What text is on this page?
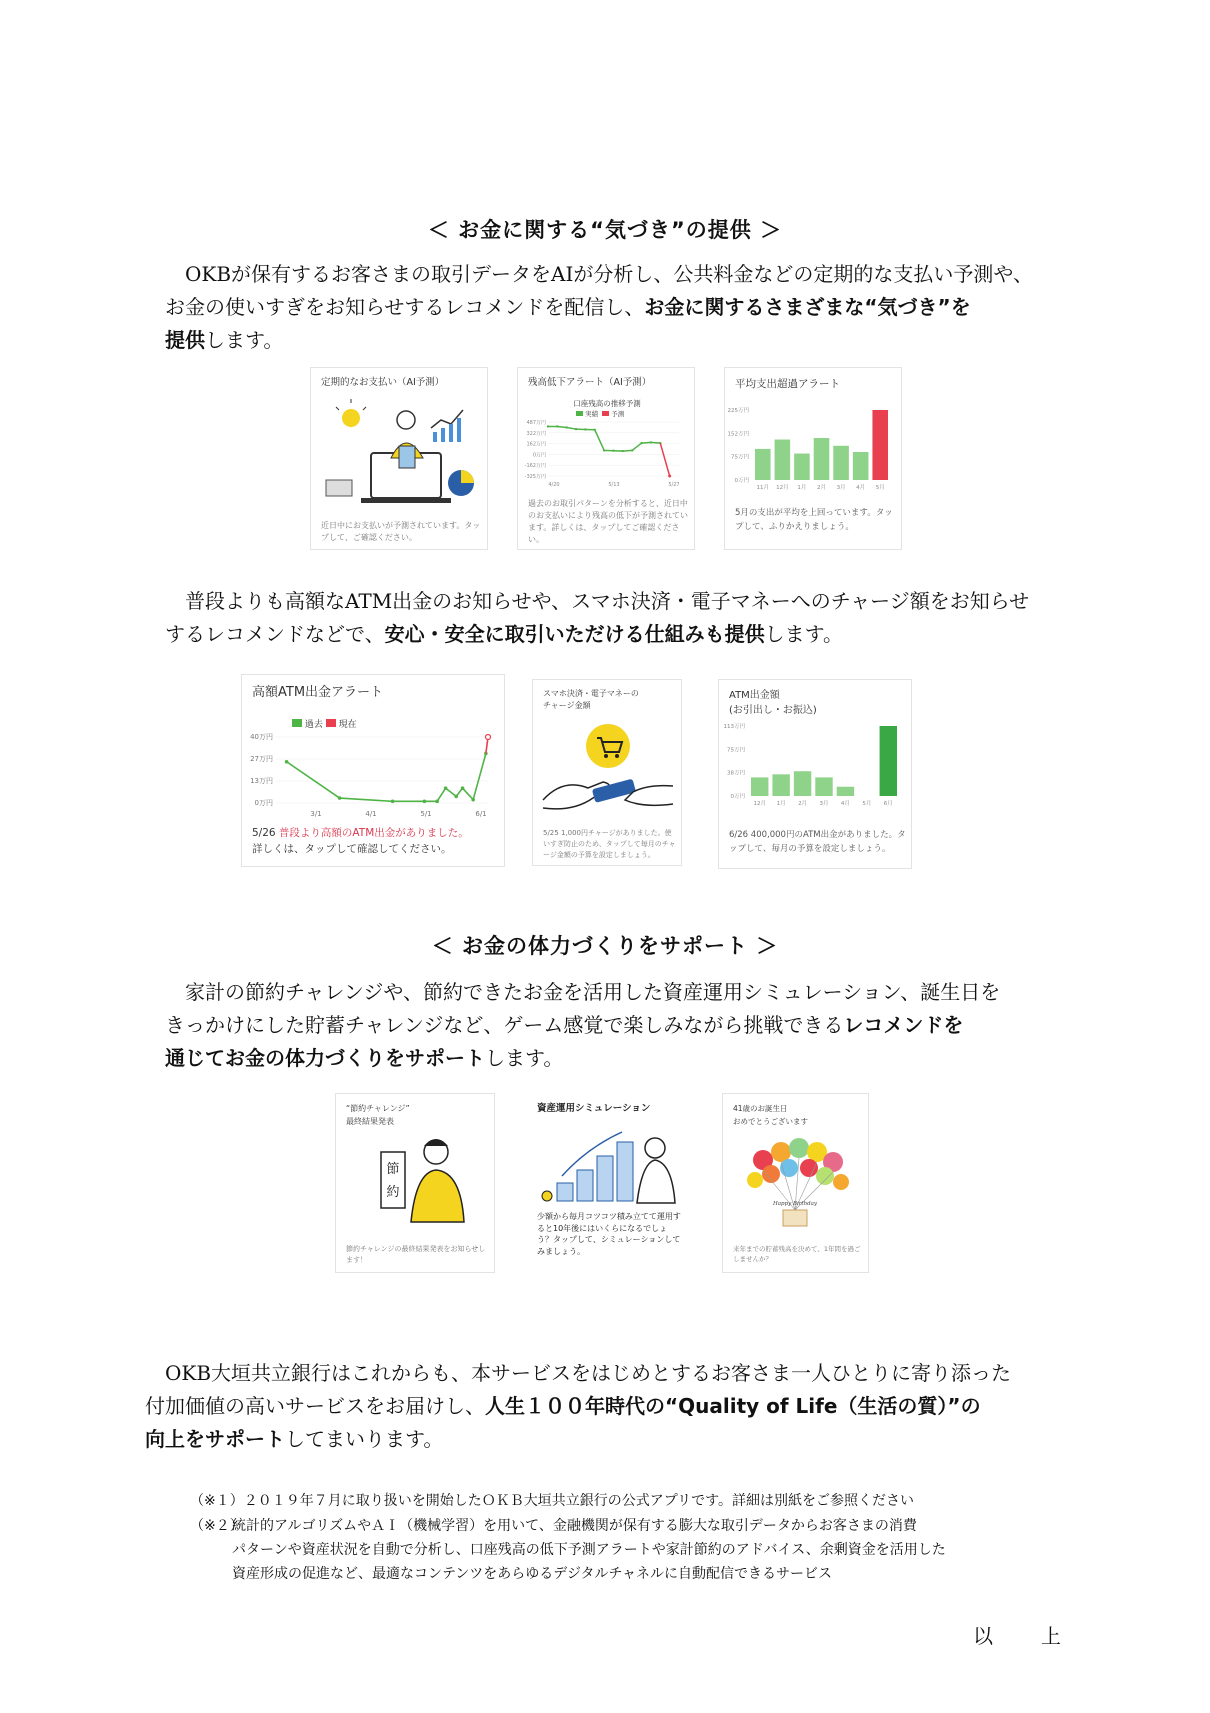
＜ お金に関する“気づき”の提供 ＞
OKBが保有するお客さまの取引データをAIが分析し、公共料金などの定期的な支払い予測や、
お金の使いすぎをお知らせするレコメンドを配信し、お金に関するさまざまな“気づき”を
提供します。
定期的なお支払い（AI予測）
近日中にお支払いが予測されています。タップして、ご確認ください。
残高低下アラート（AI予測）
口座残高の推移予測
実績 予測
487万円
322万円
162万円
0万円
-162万円
-325万円
4/20	5/13	5/27
過去のお取引パターンを分析すると、近日中のお支払いにより残高の低下が予測されています。詳しくは、タップしてご確認ください。
平均支出超過アラート
225万円
152万円
75万円
0万円
11月 12月 1月 2月 3月 4月 5月
5月の支出が平均を上回っています。タップして、ふりかえりましょう。
普段よりも高額なATM出金のお知らせや、スマホ決済・電子マネーへのチャージ額をお知らせ
するレコメンドなどで、安心・安全に取引いただける仕組みも提供します。
高額ATM出金アラート
過去 現在
40万円
27万円
13万円
0万円
3/1	4/1	5/1	6/1
5/26 普段より高額のATM出金がありました。
詳しくは、タップして確認してください。
スマホ決済・電子マネーの
チャージ金額
5/25 1,000円チャージがありました。使いすぎ防止のため、タップして毎月のチャージ金額の予算を設定しましょう。
ATM出金額
(お引出し・お振込)
113万円
75万円
38万円
0万円
12月 1月 2月 3月 4月 5月 6月
6/26 400,000円のATM出金がありました。タップして、毎月の予算を設定しましょう。
＜ お金の体力づくりをサポート ＞
家計の節約チャレンジや、節約できたお金を活用した資産運用シミュレーション、誕生日を
きっかけにした貯蓄チャレンジなど、ゲーム感覚で楽しみながら挑戦できるレコメンドを
通じてお金の体力づくりをサポートします。
“節約チャレンジ”
最終結果発表
節
約
節約チャレンジの最終結果発表をお知らせします！
資産運用シミュレーション
少額から毎月コツコツ積み立てて運用すると10年後にはいくらになるでしょう？タップして、シミュレーションしてみましょう。
41歳のお誕生日
おめでとうございます
Happy Birthday
来年までの貯蓄残高を決めて、1年間を過ごしませんか？
OKB大垣共立銀行はこれからも、本サービスをはじめとするお客さま一人ひとりに寄り添った
付加価値の高いサービスをお届けし、人生１００年時代の“Quality of Life（生活の質）”の
向上をサポートしてまいります。
（※１）２０１９年７月に取り扱いを開始したＯＫＢ大垣共立銀行の公式アプリです。詳細は別紙をご参照ください
（※２）
統計的アルゴリズムやＡＩ（機械学習）を用いて、金融機関が保有する膨大な取引データからお客さまの消費
パターンや資産状況を自動で分析し、口座残高の低下予測アラートや家計節約のアドバイス、余剰資金を活用した
資産形成の促進など、最適なコンテンツをあらゆるデジタルチャネルに自動配信できるサービス
以　上
